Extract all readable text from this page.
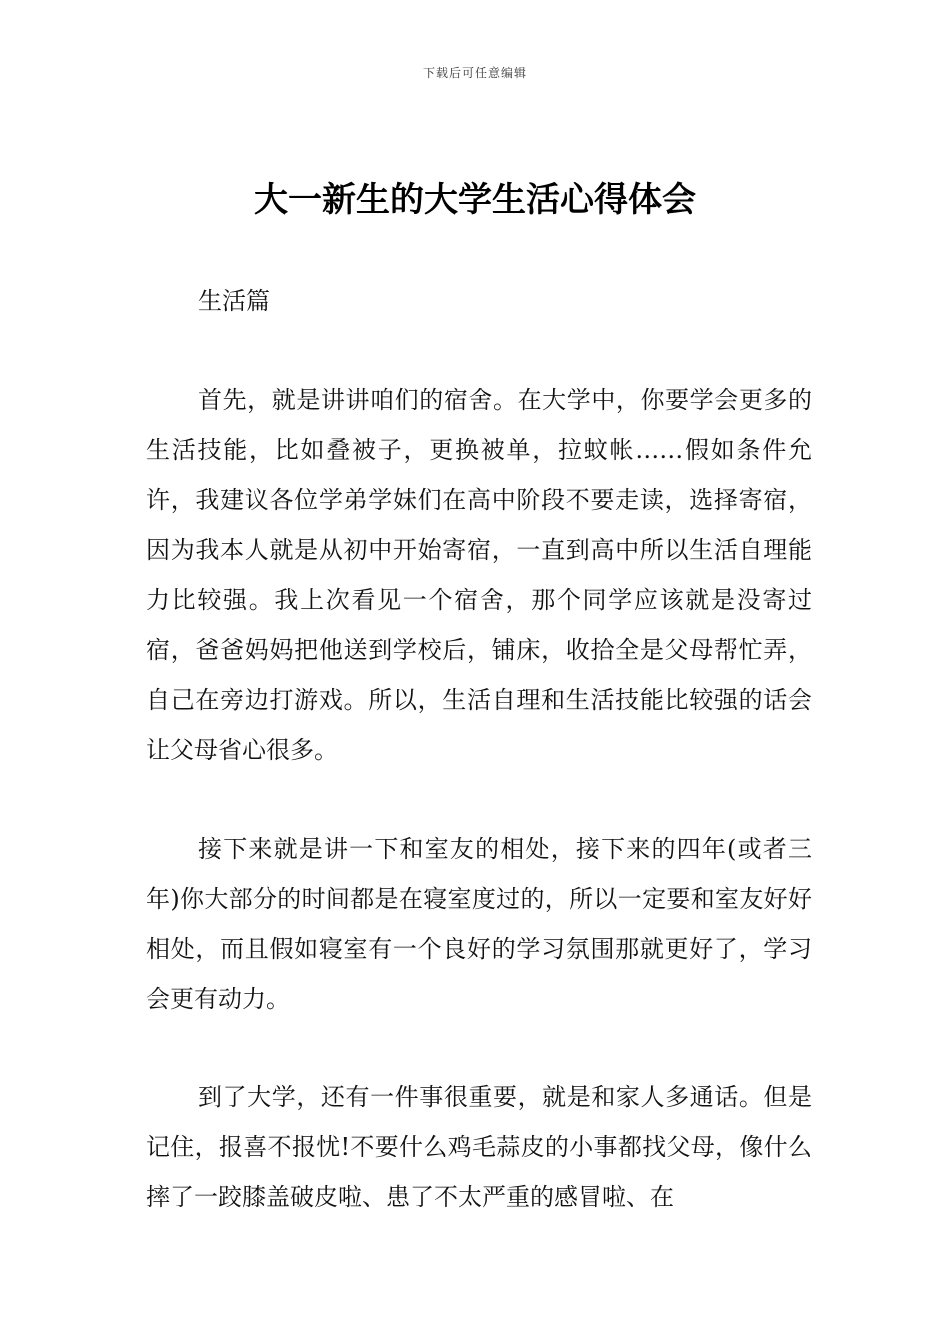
下载后可任意编辑
大一新生的大学生活心得体会

生活篇

首先，就是讲讲咱们的宿舍。在大学中，你要学会更多的生活技能，比如叠被子，更换被单，拉蚊帐……假如条件允许，我建议各位学弟学妹们在高中阶段不要走读，选择寄宿，因为我本人就是从初中开始寄宿，一直到高中所以生活自理能力比较强。我上次看见一个宿舍，那个同学应该就是没寄过宿，爸爸妈妈把他送到学校后，铺床，收拾全是父母帮忙弄，自己在旁边打游戏。所以，生活自理和生活技能比较强的话会让父母省心很多。

接下来就是讲一下和室友的相处，接下来的四年(或者三年)你大部分的时间都是在寝室度过的，所以一定要和室友好好相处，而且假如寝室有一个良好的学习氛围那就更好了，学习会更有动力。

到了大学，还有一件事很重要，就是和家人多通话。但是记住，报喜不报忧!不要什么鸡毛蒜皮的小事都找父母，像什么摔了一跤膝盖破皮啦、患了不太严重的感冒啦、在
